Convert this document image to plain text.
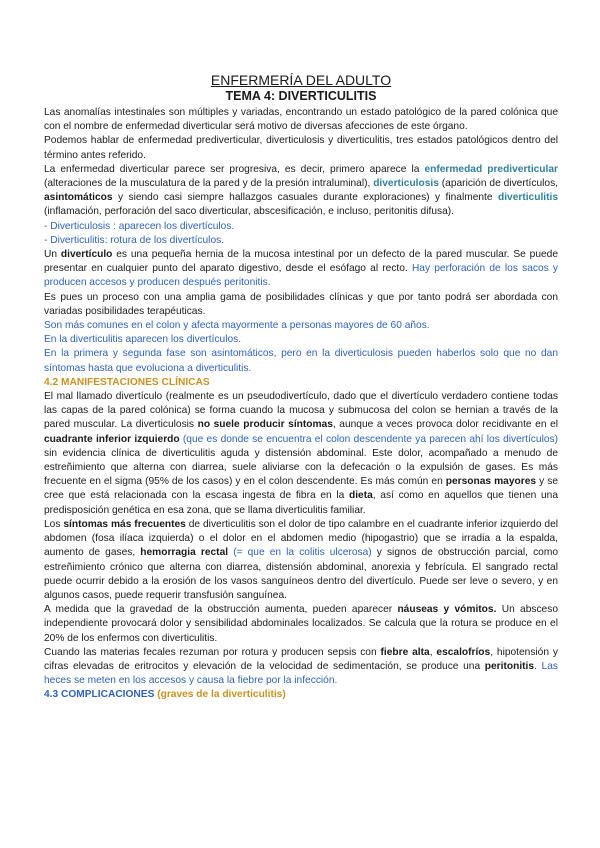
ENFERMERÍA DEL ADULTO
TEMA 4: DIVERTICULITIS

Las anomalías intestinales son múltiples y variadas, encontrando un estado patológico de la pared colónica que con el nombre de enfermedad diverticular será motivo de diversas afecciones de este órgano.

Podemos hablar de enfermedad prediverticular, diverticulosis y diverticulitis, tres estados patológicos dentro del término antes referido.

La enfermedad diverticular parece ser progresiva, es decir, primero aparece la enfermedad prediverticular (alteraciones de la musculatura de la pared y de la presión intraluminal), diverticulosis (aparición de divertículos, asintomáticos y siendo casi siempre hallazgos casuales durante exploraciones) y finalmente diverticulitis (inflamación, perforación del saco diverticular, abscesificación, e incluso, peritonitis difusa).

- Diverticulosis : aparecen los divertículos.

- Diverticulitis: rotura de los divertículos.

Un divertículo es una pequeña hernia de la mucosa intestinal por un defecto de la pared muscular. Se puede presentar en cualquier punto del aparato digestivo, desde el esófago al recto. Hay perforación de los sacos y producen accesos y producen después peritonitis.

Es pues un proceso con una amplia gama de posibilidades clínicas y que por tanto podrá ser abordada con variadas posibilidades terapéuticas.

Son más comunes en el colon y afecta mayormente a personas mayores de 60 años.

En la diverticulitis aparecen los divertículos.

En la primera y segunda fase son asintomáticos, pero en la diverticulosis pueden haberlos solo que no dan síntomas hasta que evoluciona a diverticulitis.

4.2 MANIFESTACIONES CLÍNICAS

El mal llamado divertículo (realmente es un pseudodivertículo, dado que el divertículo verdadero contiene todas las capas de la pared colónica) se forma cuando la mucosa y submucosa del colon se hernian a través de la pared muscular. La diverticulosis no suele producir síntomas, aunque a veces provoca dolor recidivante en el cuadrante inferior izquierdo (que es donde se encuentra el colon descendente ya parecen ahí los divertículos) sin evidencia clínica de diverticulitis aguda y distensión abdominal. Este dolor, acompañado a menudo de estreñimiento que alterna con diarrea, suele aliviarse con la defecación o la expulsión de gases. Es más frecuente en el sigma (95% de los casos) y en el colon descendente. Es más común en personas mayores y se cree que está relacionada con la escasa ingesta de fibra en la dieta, así como en aquellos que tienen una predisposición genética en esa zona, que se llama diverticulitis familiar.

Los síntomas más frecuentes de diverticulitis son el dolor de tipo calambre en el cuadrante inferior izquierdo del abdomen (fosa ilíaca izquierda) o el dolor en el abdomen medio (hipogastrio) que se irradia a la espalda, aumento de gases, hemorragia rectal (= que en la colitis ulcerosa) y signos de obstrucción parcial, como estreñimiento crónico que alterna con diarrea, distensión abdominal, anorexia y febrícula. El sangrado rectal puede ocurrir debido a la erosión de los vasos sanguíneos dentro del divertículo. Puede ser leve o severo, y en algunos casos, puede requerir transfusión sanguínea.

A medida que la gravedad de la obstrucción aumenta, pueden aparecer náuseas y vómitos. Un absceso independiente provocará dolor y sensibilidad abdominales localizados. Se calcula que la rotura se produce en el 20% de los enfermos con diverticulitis.

Cuando las materias fecales rezuman por rotura y producen sepsis con fiebre alta, escalofríos, hipotensión y cifras elevadas de eritrocitos y elevación de la velocidad de sedimentación, se produce una peritonitis. Las heces se meten en los accesos y causa la fiebre por la infección.

4.3 COMPLICACIONES (graves de la diverticulitis)
